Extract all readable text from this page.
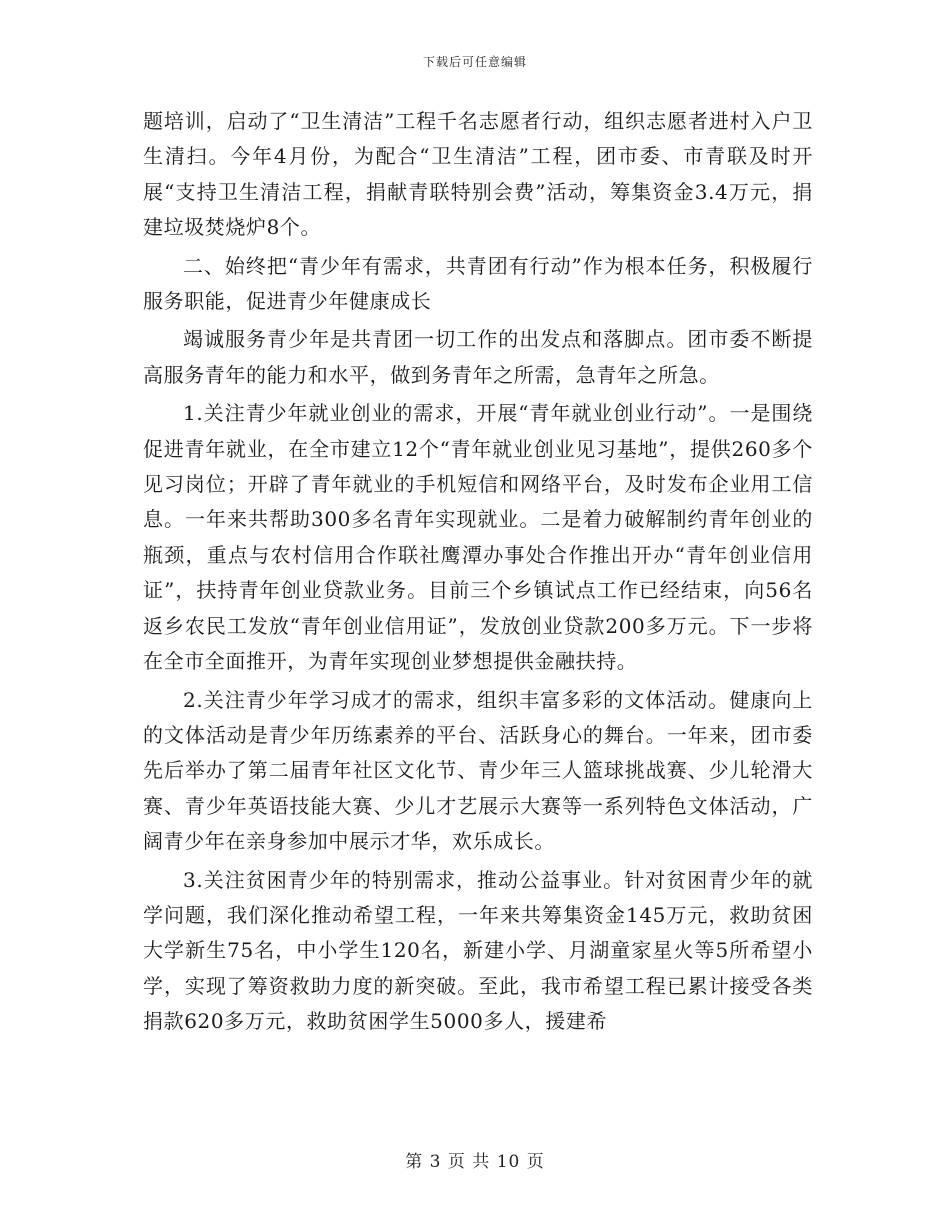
下载后可任意编辑

题培训，启动了“卫生清洁”工程千名志愿者行动，组织志愿者进村入户卫生清扫。今年4月份，为配合“卫生清洁”工程，团市委、市青联及时开展“支持卫生清洁工程，捐献青联特别会费”活动，筹集资金3.4万元，捐建垃圾焚烧炉8个。

二、始终把“青少年有需求，共青团有行动”作为根本任务，积极履行服务职能，促进青少年健康成长

竭诚服务青少年是共青团一切工作的出发点和落脚点。团市委不断提高服务青年的能力和水平，做到务青年之所需，急青年之所急。

1.关注青少年就业创业的需求，开展“青年就业创业行动”。一是围绕促进青年就业，在全市建立12个“青年就业创业见习基地”，提供260多个见习岗位；开辟了青年就业的手机短信和网络平台，及时发布企业用工信息。一年来共帮助300多名青年实现就业。二是着力破解制约青年创业的瓶颈，重点与农村信用合作联社鹰潭办事处合作推出开办“青年创业信用证”，扶持青年创业贷款业务。目前三个乡镇试点工作已经结束，向56名返乡农民工发放“青年创业信用证”，发放创业贷款200多万元。下一步将在全市全面推开，为青年实现创业梦想提供金融扶持。

2.关注青少年学习成才的需求，组织丰富多彩的文体活动。健康向上的文体活动是青少年历练素养的平台、活跃身心的舞台。一年来，团市委先后举办了第二届青年社区文化节、青少年三人篮球挑战赛、少儿轮滑大赛、青少年英语技能大赛、少儿才艺展示大赛等一系列特色文体活动，广阔青少年在亲身参加中展示才华，欢乐成长。

3.关注贫困青少年的特别需求，推动公益事业。针对贫困青少年的就学问题，我们深化推动希望工程，一年来共筹集资金145万元，救助贫困大学新生75名，中小学生120名，新建小学、月湖童家星火等5所希望小学，实现了筹资救助力度的新突破。至此，我市希望工程已累计接受各类捐款620多万元，救助贫困学生5000多人，援建希

第 3 页 共 10 页
